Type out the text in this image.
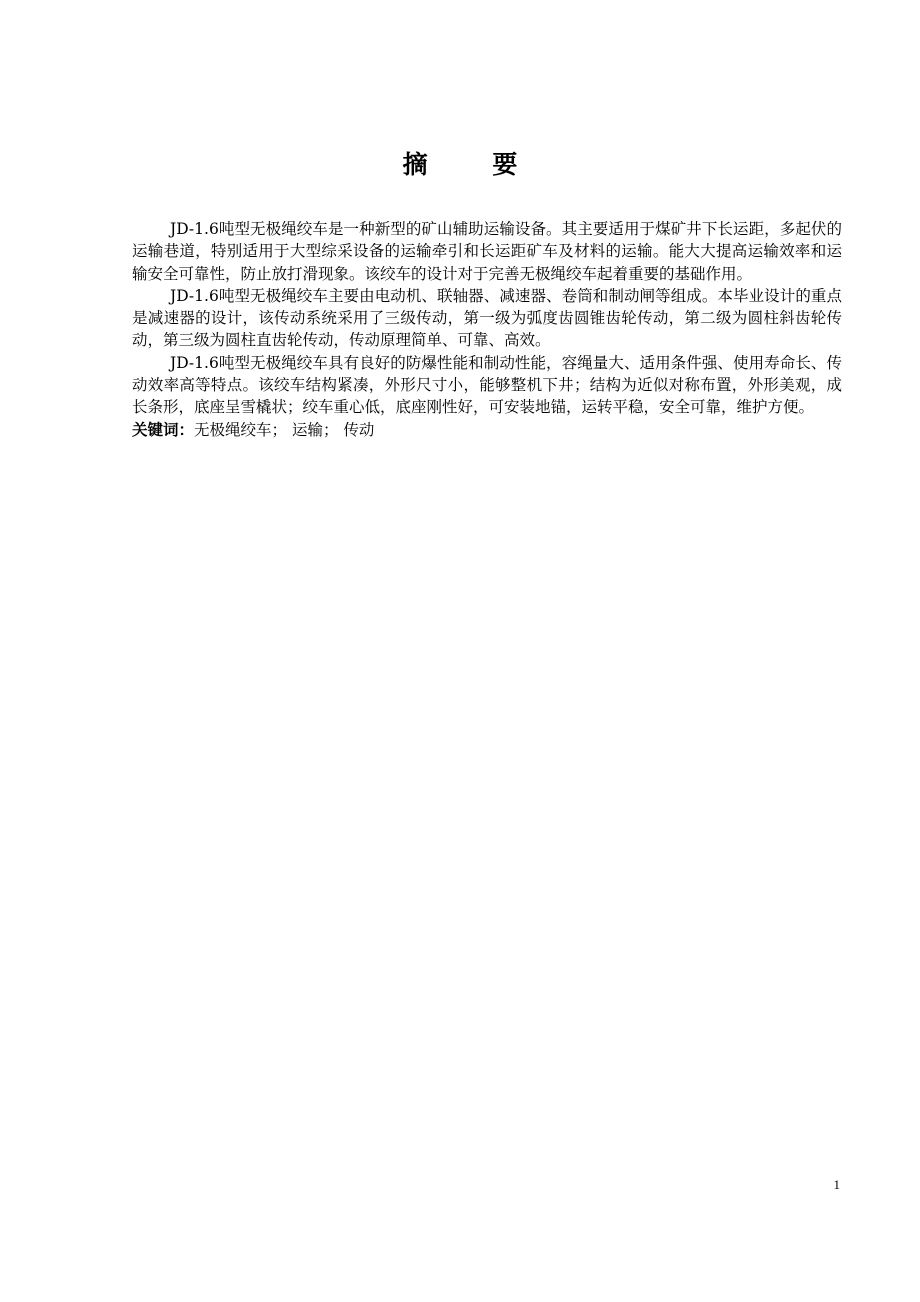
摘 要

JD-1.6吨型无极绳绞车是一种新型的矿山辅助运输设备。其主要适用于煤矿井下长运距，多起伏的运输巷道，特别适用于大型综采设备的运输牵引和长运距矿车及材料的运输。能大大提高运输效率和运输安全可靠性，防止放打滑现象。该绞车的设计对于完善无极绳绞车起着重要的基础作用。

JD-1.6吨型无极绳绞车主要由电动机、联轴器、减速器、卷筒和制动闸等组成。本毕业设计的重点是减速器的设计，该传动系统采用了三级传动，第一级为弧度齿圆锥齿轮传动，第二级为圆柱斜齿轮传动，第三级为圆柱直齿轮传动，传动原理简单、可靠、高效。

JD-1.6吨型无极绳绞车具有良好的防爆性能和制动性能，容绳量大、适用条件强、使用寿命长、传动效率高等特点。该绞车结构紧凑，外形尺寸小，能够整机下井；结构为近似对称布置，外形美观，成长条形，底座呈雪橇状；绞车重心低，底座刚性好，可安装地锚，运转平稳，安全可靠，维护方便。

关键词：无极绳绞车； 运输； 传动

1
